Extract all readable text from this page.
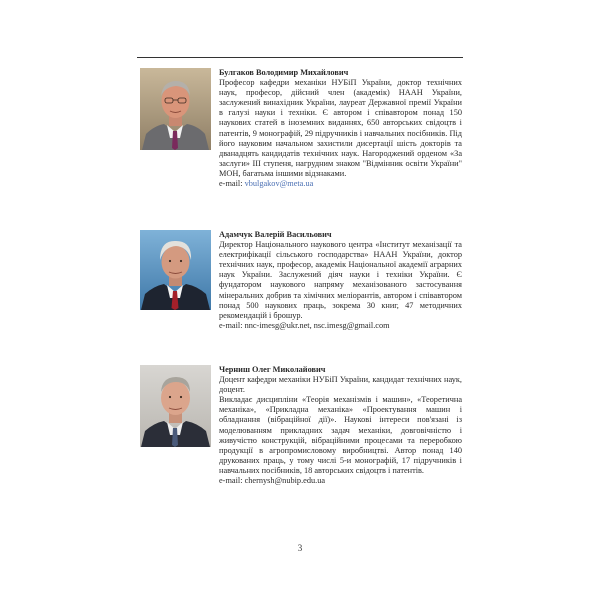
Булгаков Володимир Михайлович

Професор кафедри механіки НУБіП України, доктор технічних наук, професор, дійсний член (академік) НААН України, заслужений винахідник України, лауреат Державної премії України в галузі науки і техніки. Є автором і співавтором понад 150 наукових статей в іноземних виданнях, 650 авторських свідоцтв і патентів, 9 монографій, 29 підручників і навчальних посібників. Під його науковим начальном захистили дисертації шість докторів та дванадцять кандидатів технічних наук. Нагороджений орденом «За заслуги» III ступеня, нагрудним знаком "Відмінник освіти України" МОН, багатьма іншими відзнаками.

e-mail: vbulgakov@meta.ua
Адамчук Валерій Васильович

Директор Національного наукового центра «Інститут механізації та електрифікації сільського господарства» НААН України, доктор технічних наук, професор, академік Національної академії аграрних наук України. Заслужений діяч науки і техніки України. Є фундатором наукового напряму механізованого застосування мінеральних добрив та хімічних меліорантів, автором і співавтором понад 500 наукових праць, зокрема 30 книг, 47 методичних рекомендацій і брошур.

e-mail: nnc-imesg@ukr.net, nsc.imesg@gmail.com
Черниш Олег Миколайович

Доцент кафедри механіки НУБіП України, кандидат технічних наук, доцент.

Викладає дисципліни «Теорія механізмів і машин», «Теоретична механіка», «Прикладна механіка» «Проектування машин і обладнання (вібраційної дії)». Наукові інтереси пов'язані із моделюванням прикладних задач механіки, довговічністю і живучістю конструкцій, вібраційними процесами та переробкою продукції в агропромисловому виробництві. Автор понад 140 друкованих праць, у тому числі 5-и монографій, 17 підручників і навчальних посібників, 18 авторських свідоцтв і патентів.

e-mail: chernysh@nubip.edu.ua
3
